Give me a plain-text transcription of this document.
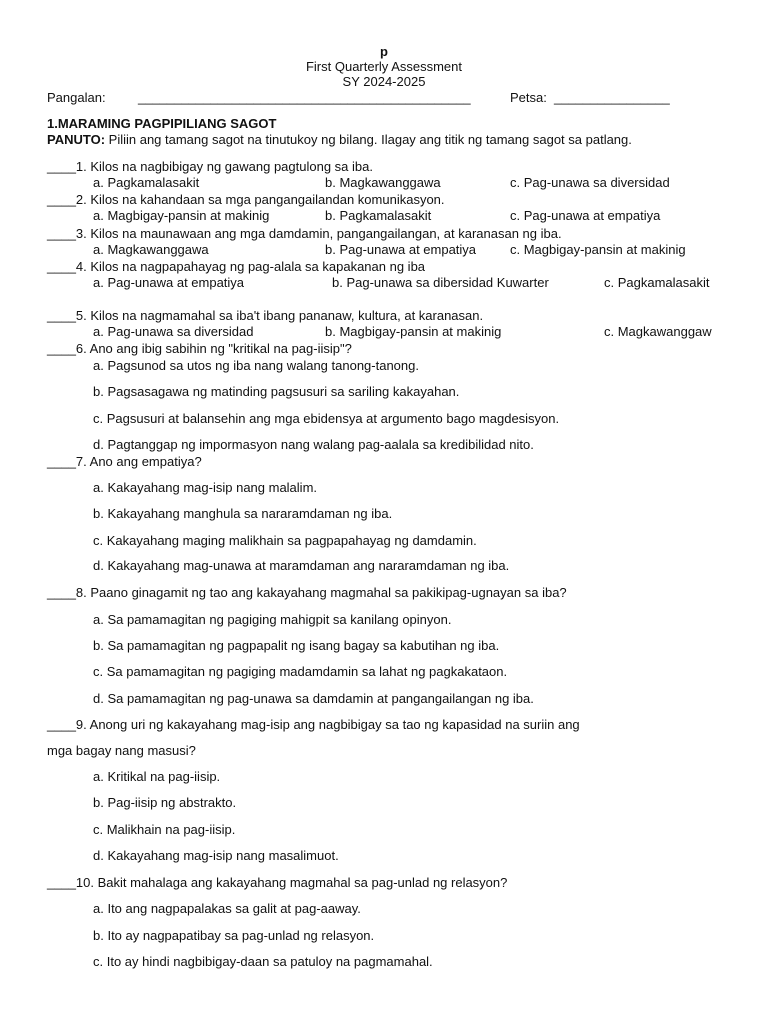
p
First Quarterly Assessment
SY 2024-2025
Pangalan: ______________________________________________	Petsa: ________________
1.MARAMING PAGPIPILIANG SAGOT
PANUTO: Piliin ang tamang sagot na tinutukoy ng bilang. Ilagay ang titik ng tamang sagot sa patlang.
____1. Kilos na nagbibigay ng gawang pagtulong sa iba.
a. Pagkamalasakit	b. Magkawanggawa	c. Pag-unawa sa diversidad
____2. Kilos na kahandaan sa mga pangangailandan komunikasyon.
a. Magbigay-pansin at makinig	b. Pagkamalasakit	c. Pag-unawa at empatiya
____3. Kilos na maunawaan ang mga damdamin, pangangailangan, at karanasan ng iba.
a. Magkawanggawa	b. Pag-unawa at empatiya	c. Magbigay-pansin at makinig
____4. Kilos na nagpapahayag ng pag-alala sa kapakanan ng iba
a. Pag-unawa at empatiya	b. Pag-unawa sa dibersidad Kuwarter	c. Pagkamalasakit
____5. Kilos na nagmamahal sa iba't ibang pananaw, kultura, at karanasan.
a. Pag-unawa sa diversidad	b. Magbigay-pansin at makinig	c. Magkawanggaw
____6. Ano ang ibig sabihin ng "kritikal na pag-iisip"?
a. Pagsunod sa utos ng iba nang walang tanong-tanong.
b. Pagsasagawa ng matinding pagsusuri sa sariling kakayahan.
c. Pagsusuri at balansehin ang mga ebidensya at argumento bago magdesisyon.
d. Pagtanggap ng impormasyon nang walang pag-aalala sa kredibilidad nito.
____7. Ano ang empatiya?
a. Kakayahang mag-isip nang malalim.
b. Kakayahang manghula sa nararamdaman ng iba.
c. Kakayahang maging malikhain sa pagpapahayag ng damdamin.
d. Kakayahang mag-unawa at maramdaman ang nararamdaman ng iba.
____8. Paano ginagamit ng tao ang kakayahang magmahal sa pakikipag-ugnayan sa iba?
a. Sa pamamagitan ng pagiging mahigpit sa kanilang opinyon.
b. Sa pamamagitan ng pagpapalit ng isang bagay sa kabutihan ng iba.
c. Sa pamamagitan ng pagiging madamdamin sa lahat ng pagkakataon.
d. Sa pamamagitan ng pag-unawa sa damdamin at pangangailangan ng iba.
____9. Anong uri ng kakayahang mag-isip ang nagbibigay sa tao ng kapasidad na suriin ang
mga bagay nang masusi?
a. Kritikal na pag-iisip.
b. Pag-iisip ng abstrakto.
c. Malikhain na pag-iisip.
d. Kakayahang mag-isip nang masalimuot.
____10. Bakit mahalaga ang kakayahang magmahal sa pag-unlad ng relasyon?
a. Ito ang nagpapalakas sa galit at pag-aaway.
b. Ito ay nagpapatibay sa pag-unlad ng relasyon.
c. Ito ay hindi nagbibigay-daan sa patuloy na pagmamahal.
